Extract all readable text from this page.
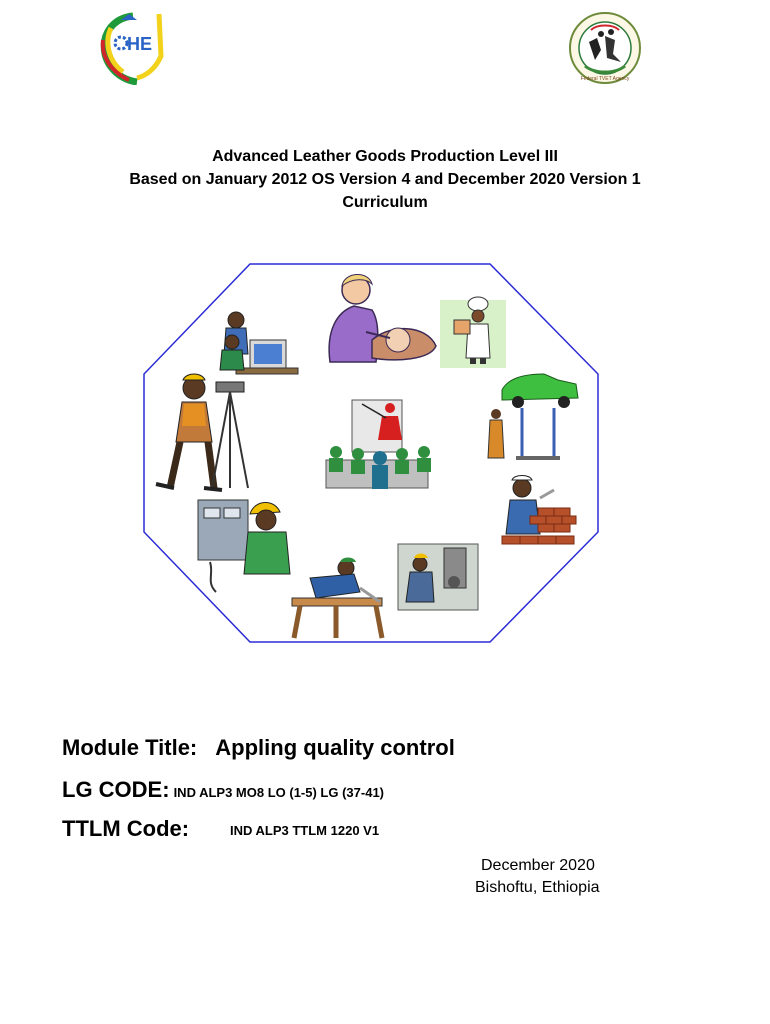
HE
Federal TVET Agency
Advanced Leather Goods Production Level III
Based on January 2012 OS Version 4 and December 2020 Version 1
Curriculum
Module Title: Appling quality control
LG CODE: IND ALP3 MO8 LO (1-5) LG (37-41)
TTLM Code:	IND ALP3 TTLM 1220 V1
December 2020
Bishoftu, Ethiopia
